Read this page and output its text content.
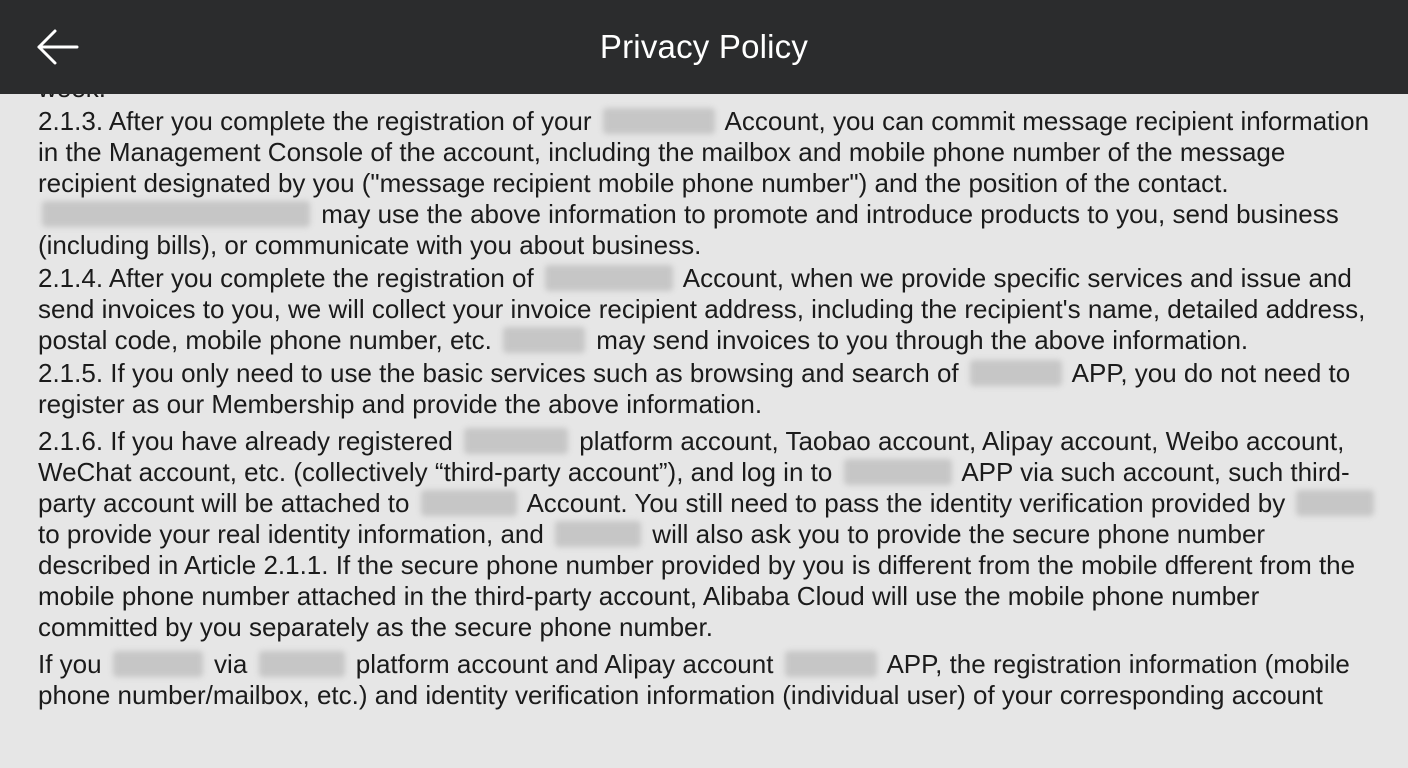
Privacy Policy

2.1.3. After you complete the registration of your	Account, you can commit message recipient information in the Management Console of the account, including the mailbox and mobile phone number of the message recipient designated by you ("message recipient mobile phone number") and the position of the contact.  may use the above information to promote and introduce products to you, send business (including bills), or communicate with you about business.

2.1.4. After you complete the registration of	Account, when we provide specific services and issue and send invoices to you, we will collect your invoice recipient address, including the recipient's name, detailed address, postal code, mobile phone number, etc.	may send invoices to you through the above information.

2.1.5. If you only need to use the basic services such as browsing and search of	APP, you do not need to register as our Membership and provide the above information.

2.1.6. If you have already registered	platform account, Taobao account, Alipay account, Weibo account, WeChat account, etc. (collectively “third-party account”), and log in to	APP via such account, such third-party account will be attached to	Account. You still need to pass the identity verification provided by  to provide your real identity information, and	will also ask you to provide the secure phone number described in Article 2.1.1. If the secure phone number provided by you is different from the mobile dfferent from the mobile phone number attached in the third-party account, Alibaba Cloud will use the mobile phone number committed by you separately as the secure phone number.

If you	via	platform account and Alipay account	APP, the registration information (mobile phone number/mailbox, etc.) and identity verification information (individual user) of your corresponding account
